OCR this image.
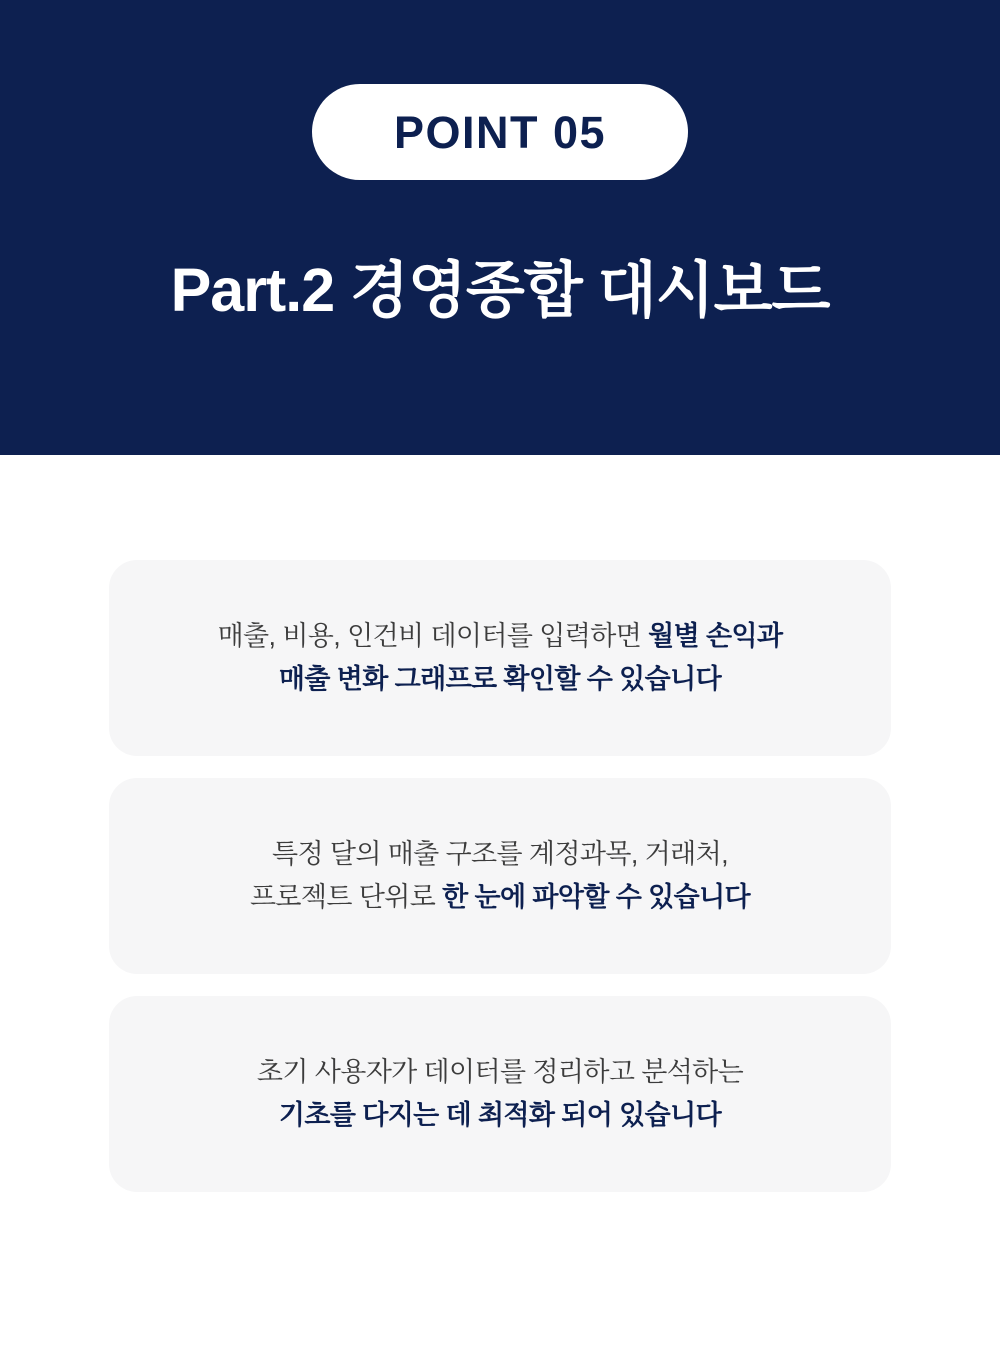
POINT 05
Part.2 경영종합 대시보드

매출, 비용, 인건비 데이터를 입력하면 월별 손익과
매출 변화 그래프로 확인할 수 있습니다

특정 달의 매출 구조를 계정과목, 거래처,
프로젝트 단위로 한 눈에 파악할 수 있습니다

초기 사용자가 데이터를 정리하고 분석하는
기초를 다지는 데 최적화 되어 있습니다
